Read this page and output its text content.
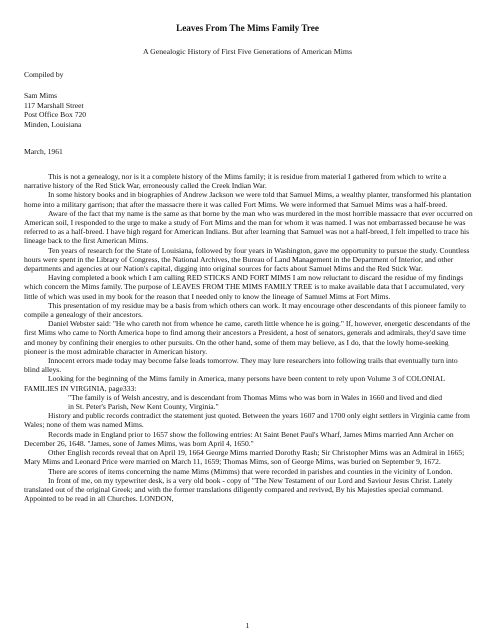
Leaves From The Mims Family Tree
A Genealogic History of First Five Generations of American Mims
Compiled by
Sam Mims
117 Marshall Street
Post Office Box 720
Minden, Louisiana
March, 1961

This is not a genealogy, nor is it a complete history of the Mims family; it is residue from material I gathered from which to write a narrative history of the Red Stick War, erroneously called the Creek Indian War.

In some history books and in biographies of Andrew Jackson we were told that Samuel Mims, a wealthy planter, transformed his plantation home into a military garrison; that after the massacre there it was called Fort Mims. We were informed that Samuel Mims was a half-breed.

Aware of the fact that my name is the same as that borne by the man who was murdered in the most horrible massacre that ever occurred on American soil, I responded to the urge to make a study of Fort Mims and the man for whom it was named. I was not embarrassed because he was referred to as a half-breed. I have high regard for American Indians. But after learning that Samuel was not a half-breed, I felt impelled to trace his lineage back to the first American Mims.

Ten years of research for the State of Louisiana, followed by four years in Washington, gave me opportunity to pursue the study. Countless hours were spent in the Library of Congress, the National Archives, the Bureau of Land Management in the Department of Interior, and other departments and agencies at our Nation's capital, digging into original sources for facts about Samuel Mims and the Red Stick War.

Having completed a book which I am calling RED STICKS AND FORT MIMS I am now reluctant to discard the residue of my findings which concern the Mims family. The purpose of LEAVES FROM THE MIMS FAMILY TREE is to make available data that I accumulated, very little of which was used in my book for the reason that I needed only to know the lineage of Samuel Mims at Fort Mims.

This presentation of my residue may be a basis from which others can work. It may encourage other descendants of this pioneer family to compile a genealogy of their ancestors.

Daniel Webster said: "He who careth not from whence he came, careth little whence he is going." If, however, energetic descendants of the first Mims who came to North America hope to find among their ancestors a President, a host of senators, generals and admirals, they'd save time and money by confining their energies to other pursuits. On the other hand, some of them may believe, as I do, that the lowly home-seeking pioneer is the most admirable character in American history.

Innocent errors made today may become false leads tomorrow. They may lure researchers into following trails that eventually turn into blind alleys.

Looking for the beginning of the Mims family in America, many persons have been content to rely upon Volume 3 of COLONIAL FAMILIES IN VIRGINIA, page333:

"The family is of Welsh ancestry, and is descendant from Thomas Mims who was born in Wales in 1660 and lived and died in St. Peter's Parish, New Kent County, Virginia."

History and public records contradict the statement just quoted. Between the years 1607 and 1700 only eight settlers in Virginia came from Wales; none of them was named Mims.

Records made in England prior to 1657 show the following entries: At Saint Benet Paul's Wharf, James Mims married Ann Archer on December 26, 1648. "James, sone of James Mims, was born April 4, 1650."

Other English records reveal that on April 19, 1664 George Mims married Dorothy Rash; Sir Christopher Mims was an Admiral in 1665; Mary Mims and Leonard Price were married on March 11, 1659; Thomas Mims, son of George Mims, was buried on September 9, 1672.

There are scores of items concerning the name Mims (Mimms) that were recorded in parishes and counties in the vicinity of London.

In front of me, on my typewriter desk, is a very old book - copy of "The New Testament of our Lord and Saviour Jesus Christ. Lately translated out of the original Greek; and with the former translations diligently compared and revived, By his Majesties special command. Appointed to be read in all Churches. LONDON,

1
